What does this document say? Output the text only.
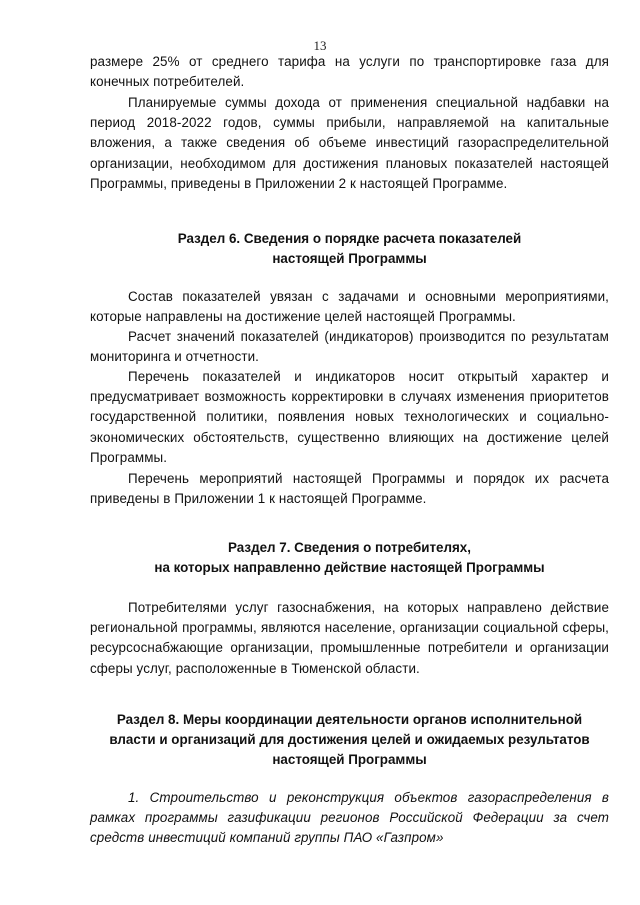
13

размере 25% от среднего тарифа на услуги по транспортировке газа для конечных потребителей.

Планируемые суммы дохода от применения специальной надбавки на период 2018-2022 годов, суммы прибыли, направляемой на капитальные вложения, а также сведения об объеме инвестиций газораспределительной организации, необходимом для достижения плановых показателей настоящей Программы, приведены в Приложении 2 к настоящей Программе.

Раздел 6. Сведения о порядке расчета показателей
настоящей Программы

Состав показателей увязан с задачами и основными мероприятиями, которые направлены на достижение целей настоящей Программы.

Расчет значений показателей (индикаторов) производится по результатам мониторинга и отчетности.

Перечень показателей и индикаторов носит открытый характер и предусматривает возможность корректировки в случаях изменения приоритетов государственной политики, появления новых технологических и социально-экономических обстоятельств, существенно влияющих на достижение целей Программы.

Перечень мероприятий настоящей Программы и порядок их расчета приведены в Приложении 1 к настоящей Программе.

Раздел 7. Сведения о потребителях,
на которых направленно действие настоящей Программы

Потребителями услуг газоснабжения, на которых направлено действие региональной программы, являются население, организации социальной сферы, ресурсоснабжающие организации, промышленные потребители и организации сферы услуг, расположенные в Тюменской области.

Раздел 8. Меры координации деятельности органов исполнительной
власти и организаций для достижения целей и ожидаемых результатов
настоящей Программы

1. Строительство и реконструкция объектов газораспределения в рамках программы газификации регионов Российской Федерации за счет средств инвестиций компаний группы ПАО «Газпром»
